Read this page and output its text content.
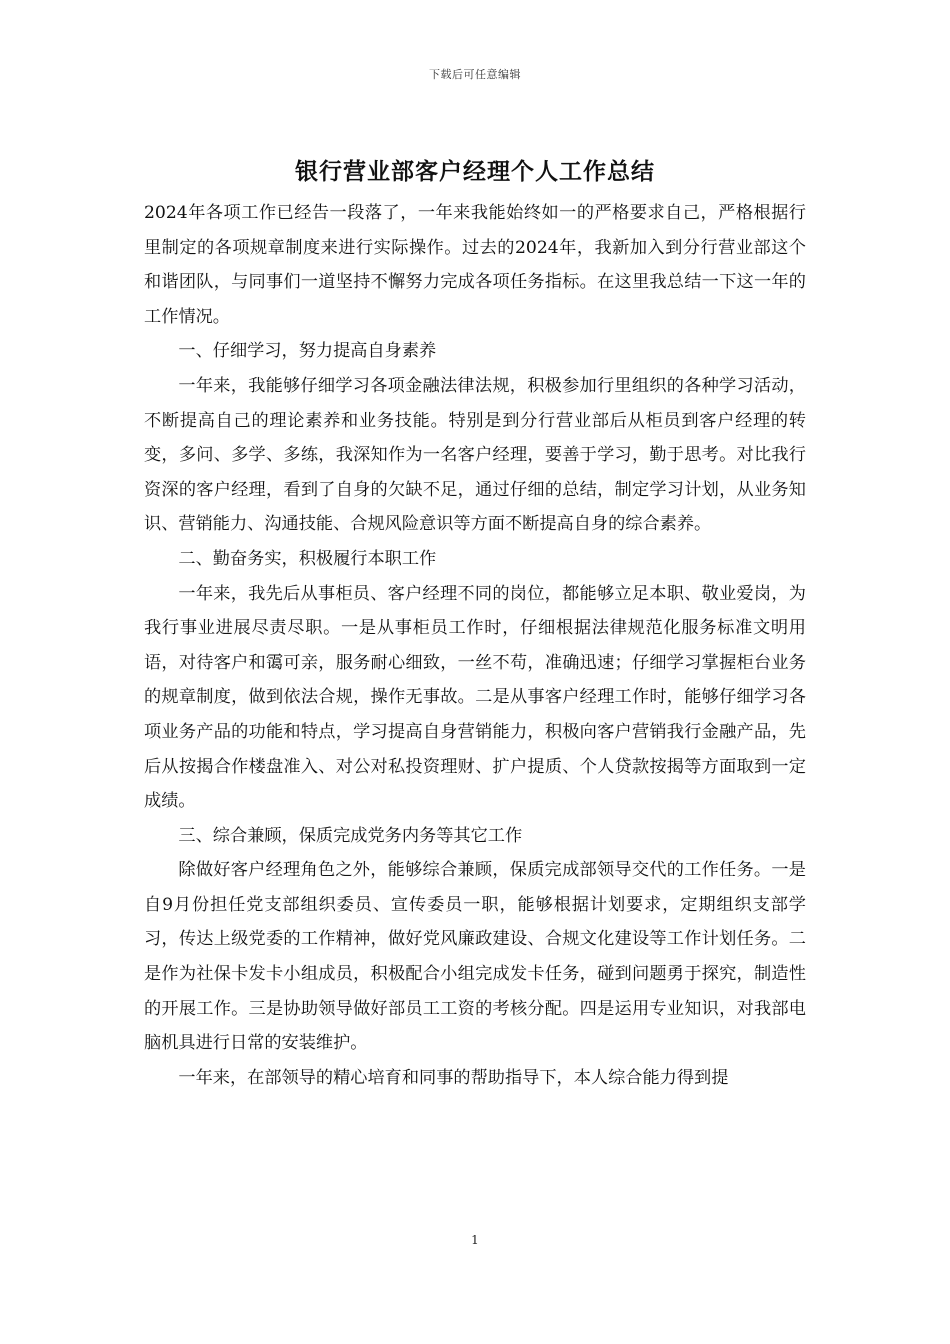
下载后可任意编辑
银行营业部客户经理个人工作总结

2024年各项工作已经告一段落了，一年来我能始终如一的严格要求自己，严格根据行里制定的各项规章制度来进行实际操作。过去的2024年，我新加入到分行营业部这个和谐团队，与同事们一道坚持不懈努力完成各项任务指标。在这里我总结一下这一年的工作情况。

一、仔细学习，努力提高自身素养

一年来，我能够仔细学习各项金融法律法规，积极参加行里组织的各种学习活动，不断提高自己的理论素养和业务技能。特别是到分行营业部后从柜员到客户经理的转变，多问、多学、多练，我深知作为一名客户经理，要善于学习，勤于思考。对比我行资深的客户经理，看到了自身的欠缺不足，通过仔细的总结，制定学习计划，从业务知识、营销能力、沟通技能、合规风险意识等方面不断提高自身的综合素养。

二、勤奋务实，积极履行本职工作

一年来，我先后从事柜员、客户经理不同的岗位，都能够立足本职、敬业爱岗，为我行事业进展尽责尽职。一是从事柜员工作时，仔细根据法律规范化服务标准文明用语，对待客户和霭可亲，服务耐心细致，一丝不苟，准确迅速；仔细学习掌握柜台业务的规章制度，做到依法合规，操作无事故。二是从事客户经理工作时，能够仔细学习各项业务产品的功能和特点，学习提高自身营销能力，积极向客户营销我行金融产品，先后从按揭合作楼盘准入、对公对私投资理财、扩户提质、个人贷款按揭等方面取到一定成绩。

三、综合兼顾，保质完成党务内务等其它工作

除做好客户经理角色之外，能够综合兼顾，保质完成部领导交代的工作任务。一是自9月份担任党支部组织委员、宣传委员一职，能够根据计划要求，定期组织支部学习，传达上级党委的工作精神，做好党风廉政建设、合规文化建设等工作计划任务。二是作为社保卡发卡小组成员，积极配合小组完成发卡任务，碰到问题勇于探究，制造性的开展工作。三是协助领导做好部员工工资的考核分配。四是运用专业知识，对我部电脑机具进行日常的安装维护。

一年来，在部领导的精心培育和同事的帮助指导下，本人综合能力得到提

1
